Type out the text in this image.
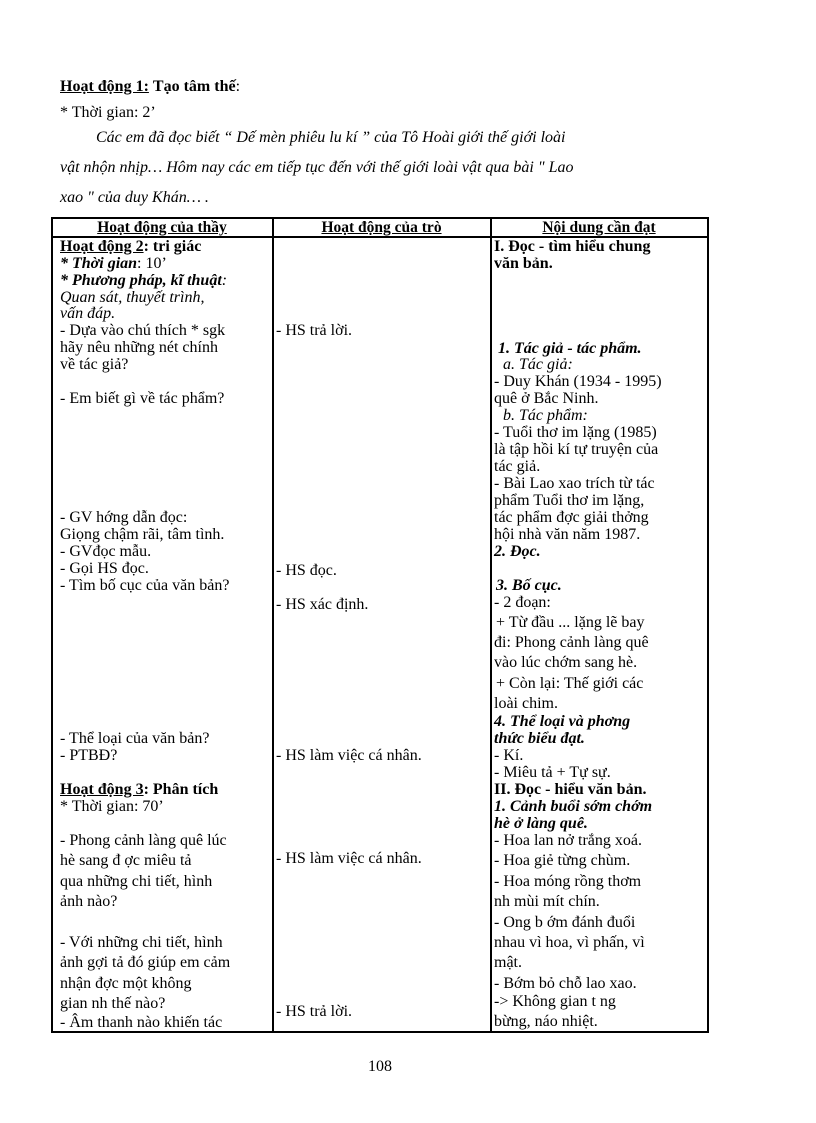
Hoạt động 1: Tạo tâm thế:
* Thời gian: 2’
Các em đã đọc biết “ Dế mèn phiêu lu kí ” của Tô Hoài giới thế giới loài
vật nhộn nhịp… Hôm nay các em tiếp tục đến với thế giới loài vật qua bài " Lao
xao " của duy Khán… .
Hoạt động của thầy	Hoạt động của trò	Nội dung cần đạt
Hoạt động 2: tri giác
* Thời gian: 10’
* Phương pháp, kĩ thuật:
Quan sát, thuyết trình,
vấn đáp.
- Dựa vào chú thích * sgk
hãy nêu những nét chính
về tác giả?
- Em biết gì về tác phẩm?
- GV hớng dẫn đọc:
Giọng chậm rãi, tâm tình.
- GVđọc mẫu.
- Gọi HS đọc.
- Tìm bố cục của văn bản?
- Thể loại của văn bản?
- PTBĐ?
Hoạt động 3: Phân tích
* Thời gian: 70’
- Phong cảnh làng quê lúc
hè sang đ ợc miêu tả
qua những chi tiết, hình
ảnh nào?
- Với những chi tiết, hình
ảnh gợi tả đó giúp em cảm
nhận đợc một không
gian nh thế nào?
- Âm thanh nào khiến tác
- HS trả lời.
- HS đọc.
- HS xác định.
- HS làm việc cá nhân.
- HS làm việc cá nhân.
- HS trả lời.
I. Đọc - tìm hiểu chung
văn bản.
1. Tác giả - tác phẩm.
a. Tác giả:
- Duy Khán (1934 - 1995)
quê ở Bắc Ninh.
b. Tác phẩm:
- Tuổi thơ im lặng (1985)
là tập hồi kí tự truyện của
tác giả.
- Bài Lao xao trích từ tác
phẩm Tuổi thơ im lặng,
tác phẩm đợc giải thởng
hội nhà văn năm 1987.
2. Đọc.
3. Bố cục.
- 2 đoạn:
+ Từ đầu ... lặng lẽ bay
đi: Phong cảnh làng quê
vào lúc chớm sang hè.
+ Còn lại: Thế giới các
loài chim.
4. Thể loại và phơng
thức biểu đạt.
- Kí.
- Miêu tả + Tự sự.
II. Đọc - hiểu văn bản.
1. Cảnh buổi sớm chớm
hè ở làng quê.
- Hoa lan nở trắng xoá.
- Hoa giẻ từng chùm.
- Hoa móng rồng thơm
nh mùi mít chín.
- Ong b ớm đánh đuổi
nhau vì hoa, vì phấn, vì
mật.
- Bớm bỏ chỗ lao xao.
-> Không gian t ng
bừng, náo nhiệt.
108
